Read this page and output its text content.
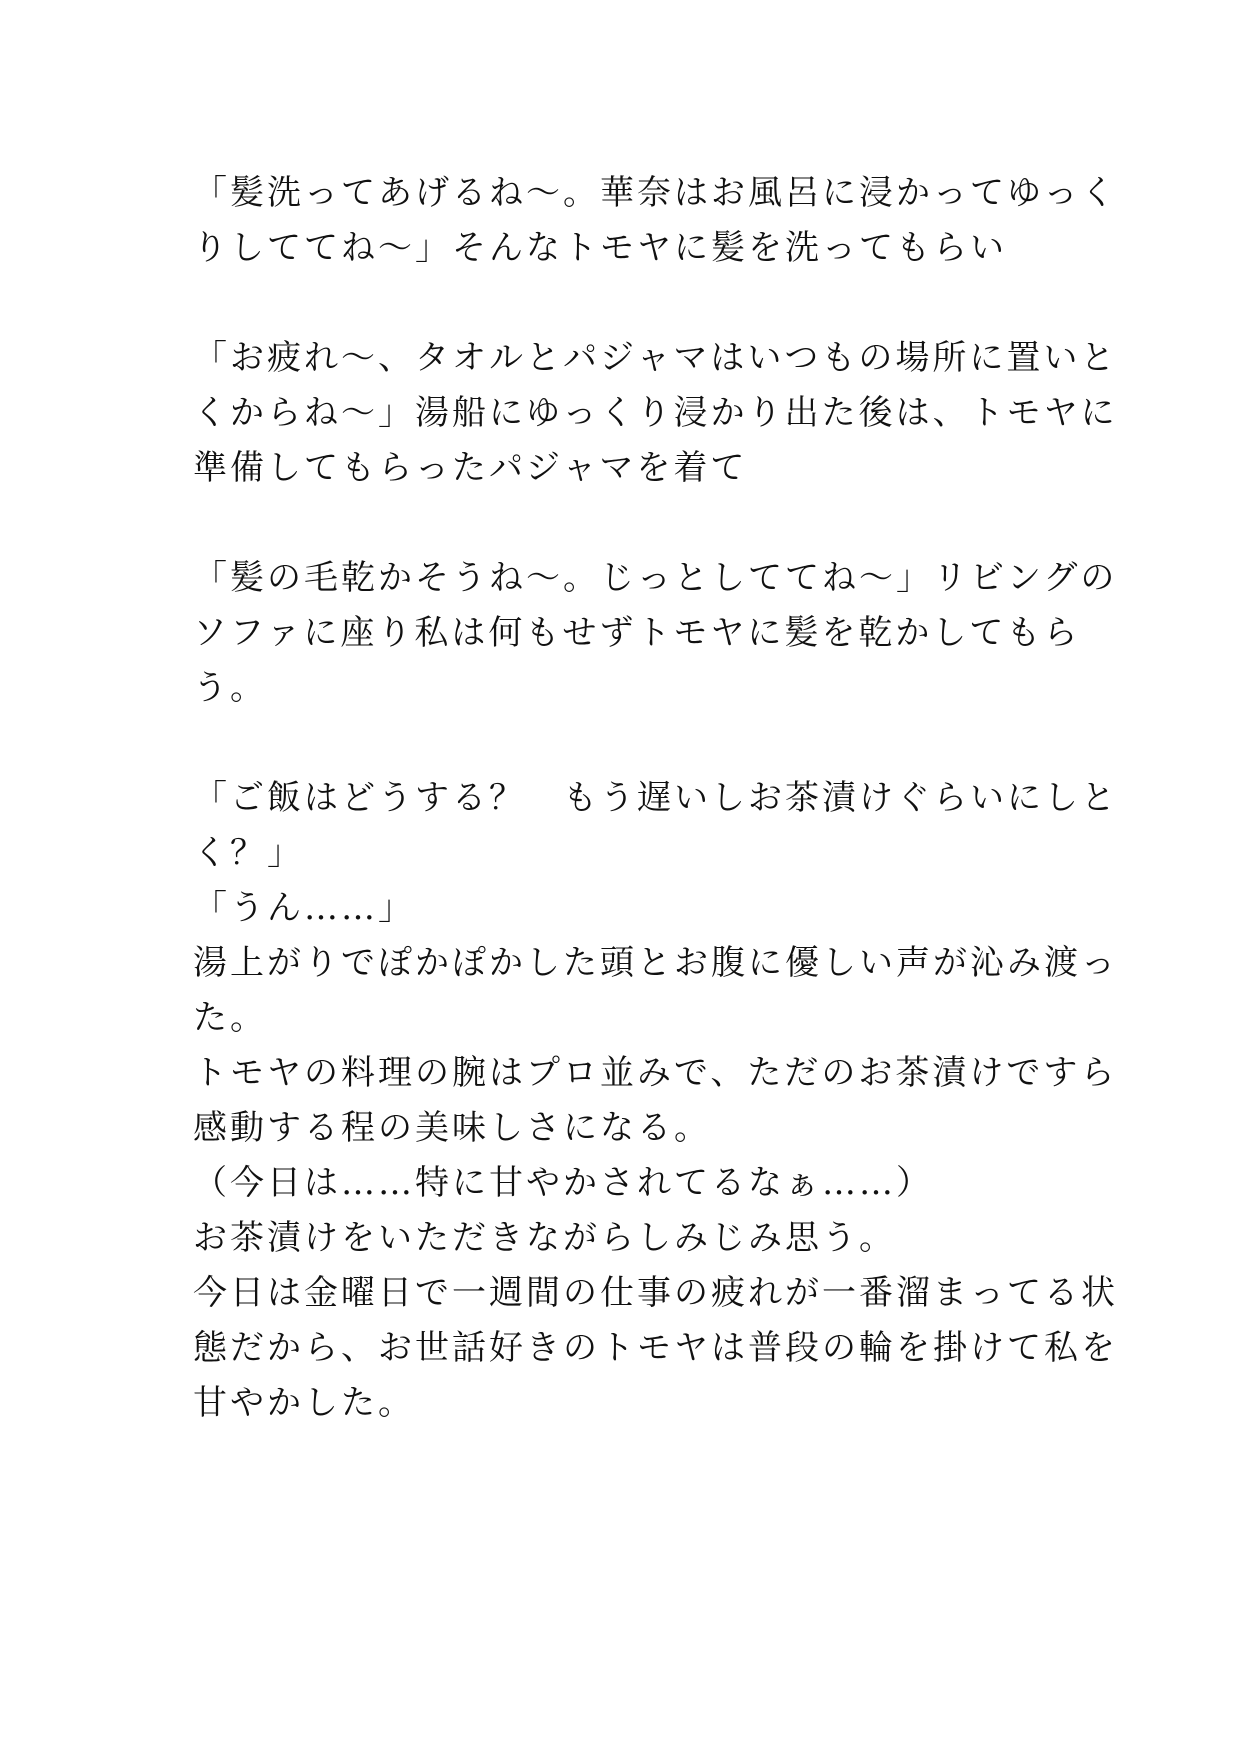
「髪洗ってあげるね〜。華奈はお風呂に浸かってゆっく
りしててね〜」そんなトモヤに髪を洗ってもらい
「お疲れ〜、タオルとパジャマはいつもの場所に置いと
くからね〜」湯船にゆっくり浸かり出た後は、トモヤに
準備してもらったパジャマを着て
「髪の毛乾かそうね〜。じっとしててね〜」リビングの
ソファに座り私は何もせずトモヤに髪を乾かしてもら
う。
「ご飯はどうする？　もう遅いしお茶漬けぐらいにしと
く？」
「うん……」
湯上がりでぽかぽかした頭とお腹に優しい声が沁み渡っ
た。
トモヤの料理の腕はプロ並みで、ただのお茶漬けですら
感動する程の美味しさになる。
（今日は……特に甘やかされてるなぁ……）
お茶漬けをいただきながらしみじみ思う。
今日は金曜日で一週間の仕事の疲れが一番溜まってる状
態だから、お世話好きのトモヤは普段の輪を掛けて私を
甘やかした。
